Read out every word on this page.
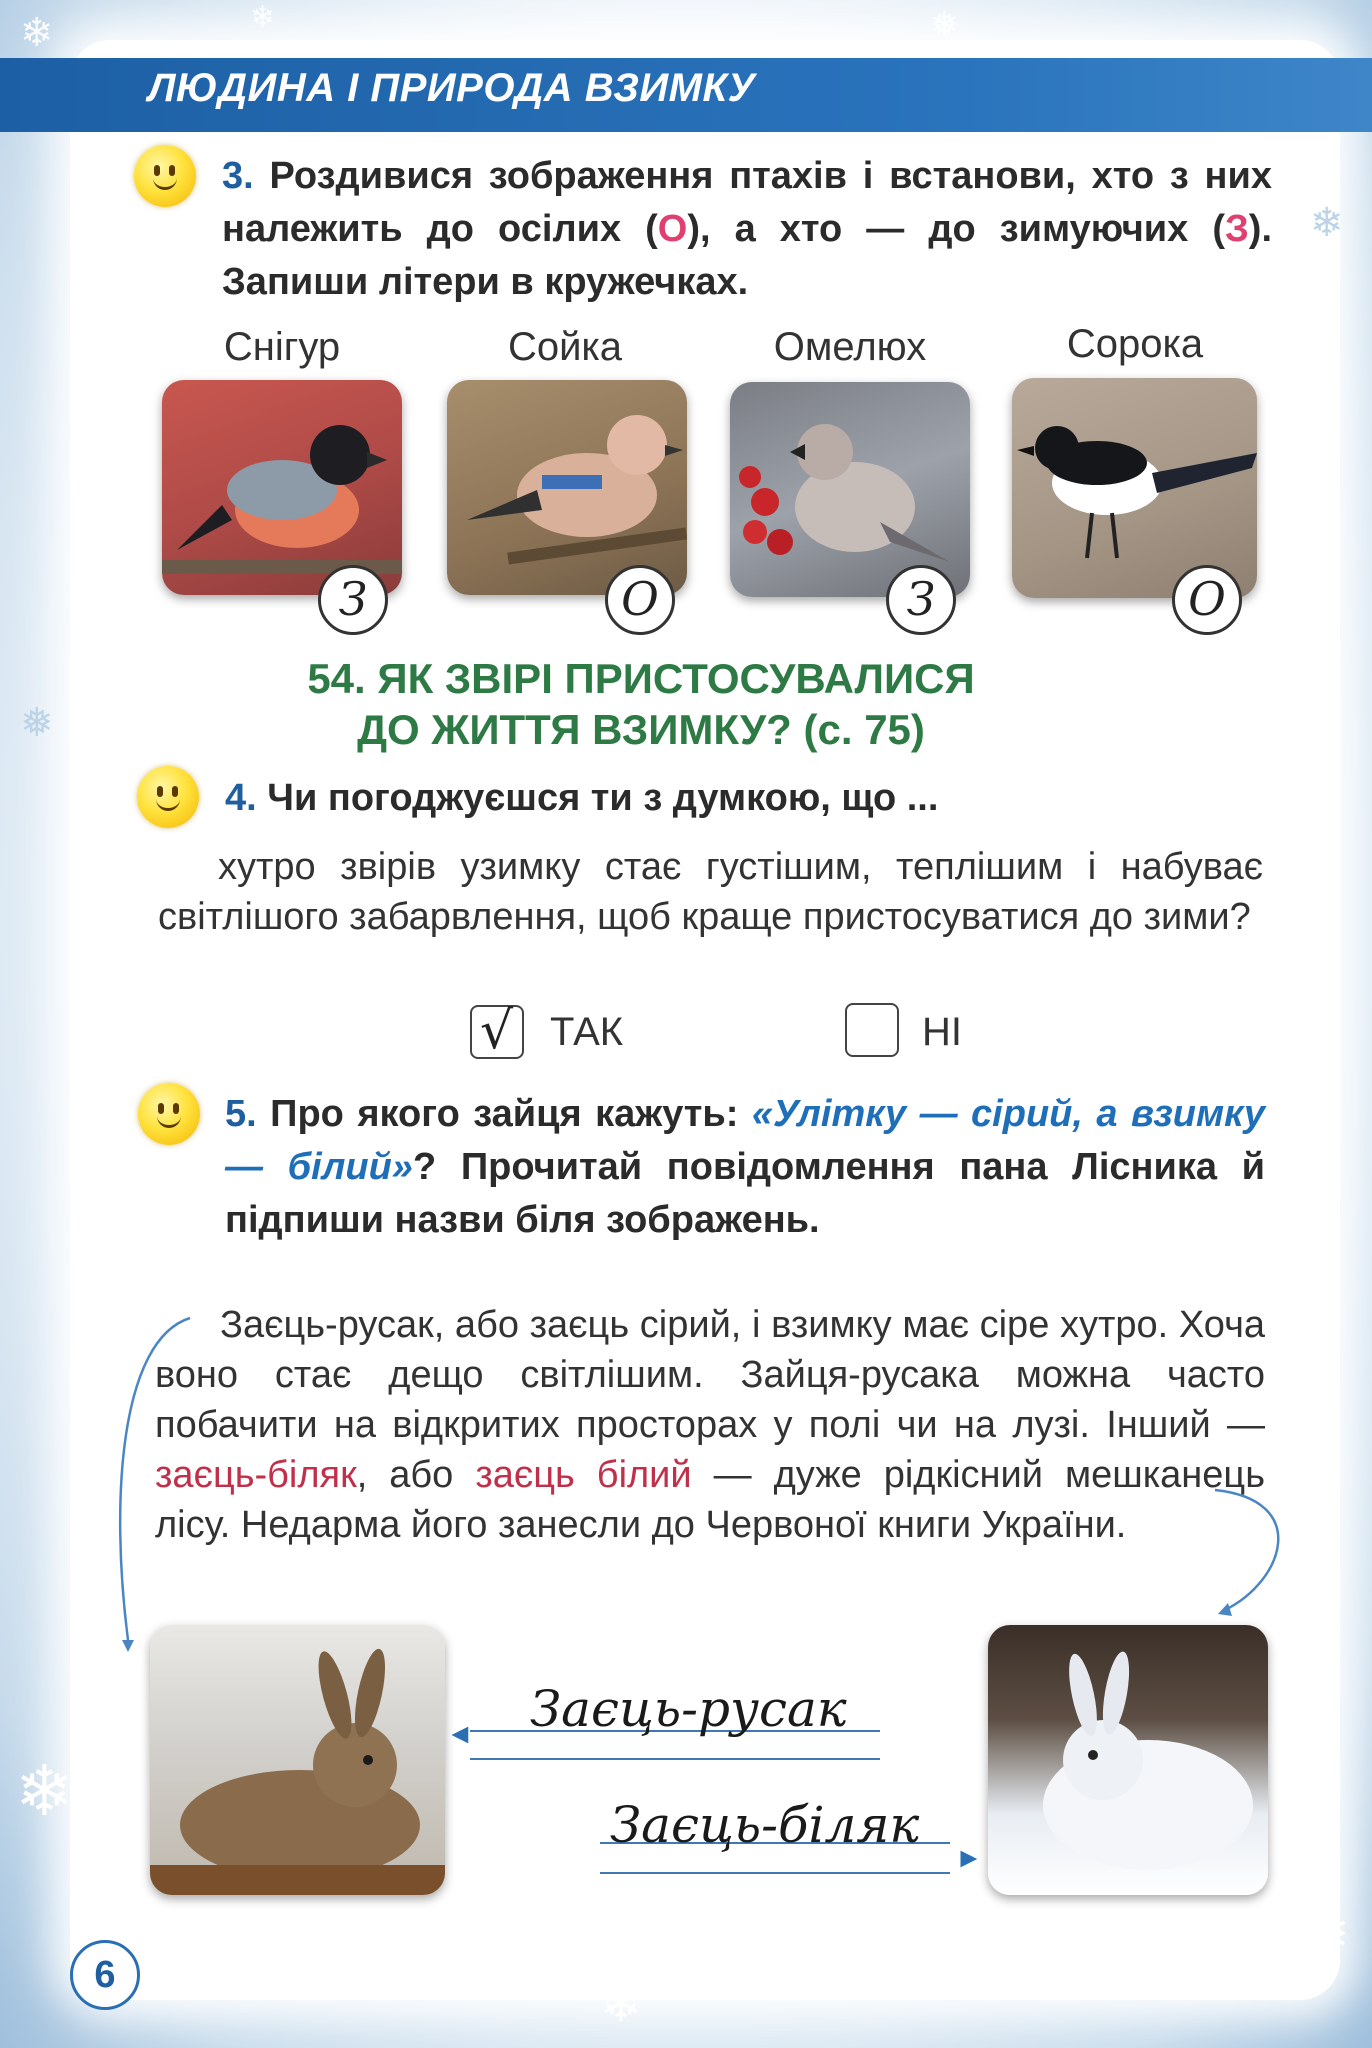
❄	❄	❅
❄
❅
❄
❅
❄
ЛЮДИНА І ПРИРОДА ВЗИМКУ
3. Роздивися зображення птахів і встанови, хто з них належить до осілих (О), а хто — до зимуючих (З). Запиши літери в кружечках.
Снігур	Сойка	Омелюх	Сорока
З	О	З	О
54. ЯК ЗВІРІ ПРИСТОСУВАЛИСЯ
ДО ЖИТТЯ ВЗИМКУ? (с. 75)
4. Чи погоджуєшся ти з думкою, що ...
хутро звірів узимку стає густішим, теплішим і набуває світлішого забарвлення, щоб краще пристосуватися до зими?
√ ТАК	НІ
5. Про якого зайця кажуть: «Улітку — сірий, а взимку — білий»? Прочитай повідомлення пана Лісника й підпиши назви біля зображень.
Заєць-русак, або заєць сірий, і взимку має сіре хутро. Хоча воно стає дещо світлішим. Зайця-русака можна часто побачити на відкритих просторах у полі чи на лузі. Інший — заєць-біляк, або заєць білий — дуже рідкісний мешканець лісу. Недарма його занесли до Червоної книги України.
◄ Заєць-русак
►
Заєць-біляк
6
